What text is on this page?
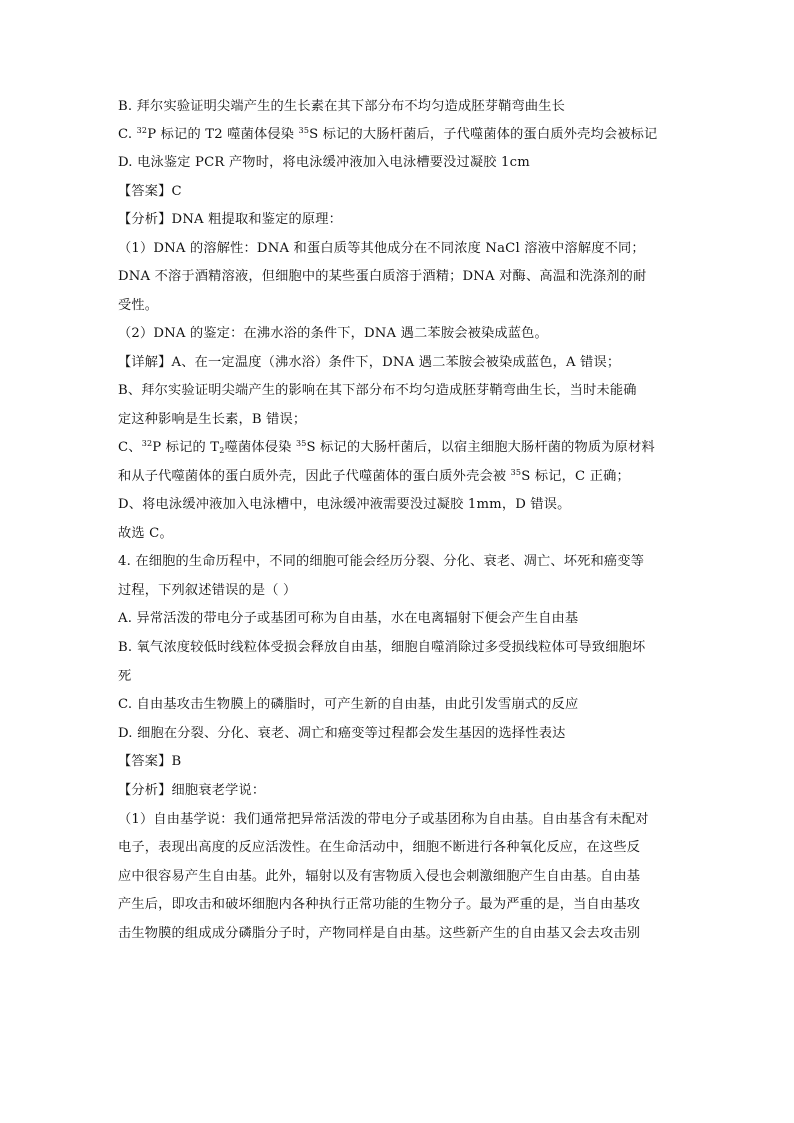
B. 拜尔实验证明尖端产生的生长素在其下部分布不均匀造成胚芽鞘弯曲生长
C. $^{32}$P 标记的 T2 噬菌体侵染 $^{35}$S 标记的大肠杆菌后，子代噬菌体的蛋白质外壳均会被标记
D. 电泳鉴定 PCR 产物时，将电泳缓冲液加入电泳槽要没过凝胶 1cm
【答案】C
【分析】DNA 粗提取和鉴定的原理：
（1）DNA 的溶解性：DNA 和蛋白质等其他成分在不同浓度 NaCl 溶液中溶解度不同；
DNA 不溶于酒精溶液，但细胞中的某些蛋白质溶于酒精；DNA 对酶、高温和洗涤剂的耐
受性。
（2）DNA 的鉴定：在沸水浴的条件下，DNA 遇二苯胺会被染成蓝色。
【详解】A、在一定温度（沸水浴）条件下，DNA 遇二苯胺会被染成蓝色，A 错误；
B、拜尔实验证明尖端产生的影响在其下部分布不均匀造成胚芽鞘弯曲生长，当时未能确
定这种影响是生长素，B 错误；
C、$^{32}$P 标记的 $T_2$噬菌体侵染 $^{35}$S 标记的大肠杆菌后，以宿主细胞大肠杆菌的物质为原材料
和从子代噬菌体的蛋白质外壳，因此子代噬菌体的蛋白质外壳会被 $^{35}$S 标记，C 正确；
D、将电泳缓冲液加入电泳槽中，电泳缓冲液需要没过凝胶 1mm，D 错误。
故选 C。
4. 在细胞的生命历程中，不同的细胞可能会经历分裂、分化、衰老、凋亡、坏死和癌变等
过程，下列叙述错误的是（ ）
A. 异常活泼的带电分子或基团可称为自由基，水在电离辐射下便会产生自由基
B. 氧气浓度较低时线粒体受损会释放自由基，细胞自噬消除过多受损线粒体可导致细胞坏
死
C. 自由基攻击生物膜上的磷脂时，可产生新的自由基，由此引发雪崩式的反应
D. 细胞在分裂、分化、衰老、凋亡和癌变等过程都会发生基因的选择性表达
【答案】B
【分析】细胞衰老学说：
（1）自由基学说：我们通常把异常活泼的带电分子或基团称为自由基。自由基含有未配对
电子，表现出高度的反应活泼性。在生命活动中，细胞不断进行各种氧化反应，在这些反
应中很容易产生自由基。此外，辐射以及有害物质入侵也会刺激细胞产生自由基。自由基
产生后，即攻击和破坏细胞内各种执行正常功能的生物分子。最为严重的是，当自由基攻
击生物膜的组成成分磷脂分子时，产物同样是自由基。这些新产生的自由基又会去攻击别
